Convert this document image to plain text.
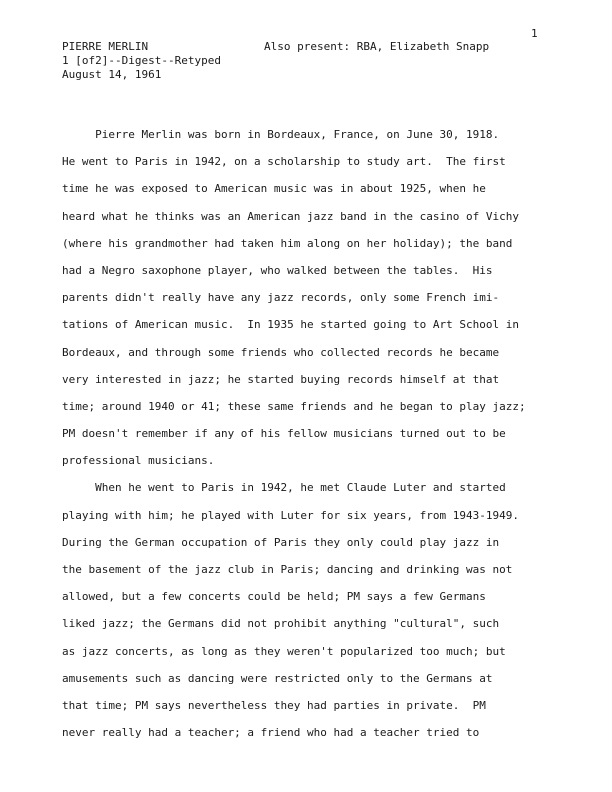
1
PIERRE MERLIN
1 [of2]--Digest--Retyped
August 14, 1961
Also present: RBA, Elizabeth Snapp
Pierre Merlin was born in Bordeaux, France, on June 30, 1918.
He went to Paris in 1942, on a scholarship to study art.  The first
time he was exposed to American music was in about 1925, when he
heard what he thinks was an American jazz band in the casino of Vichy
(where his grandmother had taken him along on her holiday); the band
had a Negro saxophone player, who walked between the tables.  His
parents didn't really have any jazz records, only some French imi-
tations of American music.  In 1935 he started going to Art School in
Bordeaux, and through some friends who collected records he became
very interested in jazz; he started buying records himself at that
time; around 1940 or 41; these same friends and he began to play jazz;
PM doesn't remember if any of his fellow musicians turned out to be
professional musicians.
When he went to Paris in 1942, he met Claude Luter and started
playing with him; he played with Luter for six years, from 1943-1949.
During the German occupation of Paris they only could play jazz in
the basement of the jazz club in Paris; dancing and drinking was not
allowed, but a few concerts could be held; PM says a few Germans
liked jazz; the Germans did not prohibit anything "cultural", such
as jazz concerts, as long as they weren't popularized too much; but
amusements such as dancing were restricted only to the Germans at
that time; PM says nevertheless they had parties in private.  PM
never really had a teacher; a friend who had a teacher tried to
